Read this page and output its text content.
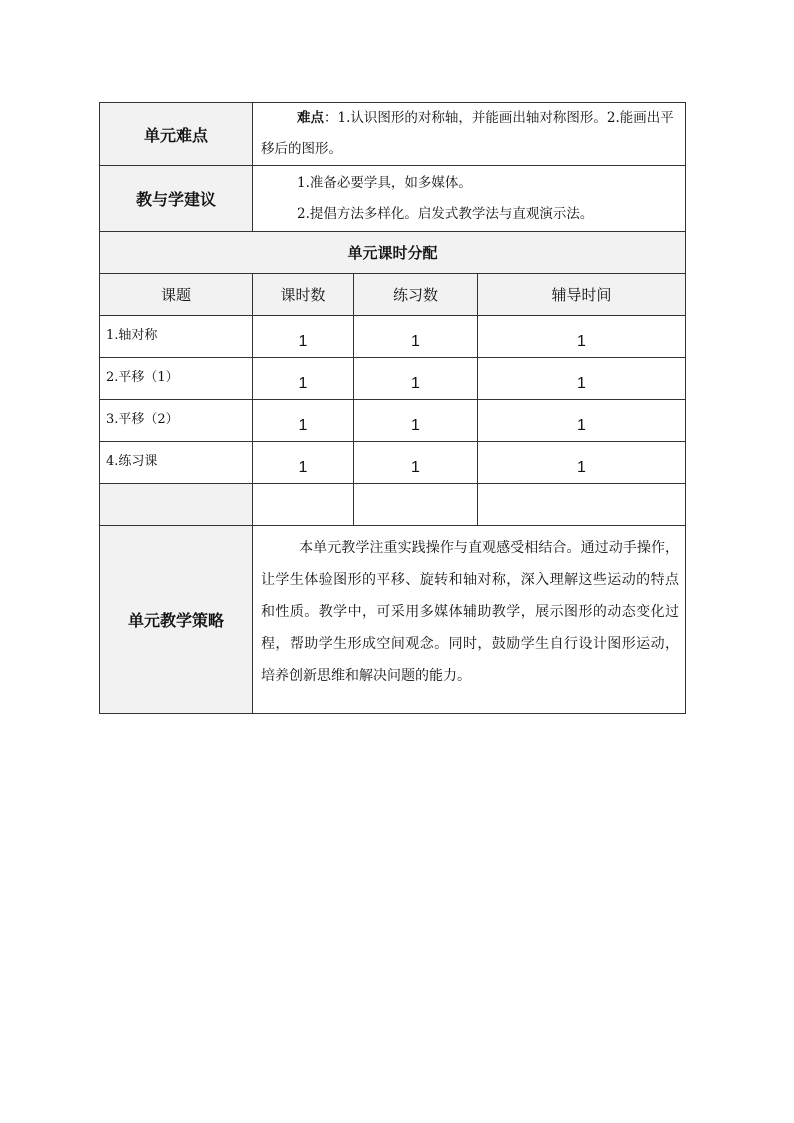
单元难点	难点：1.认识图形的对称轴，并能画出轴对称图形。2.能画出平移后的图形。		
教与学建议	1.准备必要学具，如多媒体。
2.提倡方法多样化。启发式教学法与直观演示法。		

单元课时分配			
课题	课时数	练习数	辅导时间
1.轴对称	1	1	1
2.平移（1）	1	1	1
3.平移（2）	1	1	1
4.练习课	1	1	1

单元教学策略	本单元教学注重实践操作与直观感受相结合。通过动手操作，让学生体验图形的平移、旋转和轴对称，深入理解这些运动的特点和性质。教学中，可采用多媒体辅助教学，展示图形的动态变化过程，帮助学生形成空间观念。同时，鼓励学生自行设计图形运动，培养创新思维和解决问题的能力。		
